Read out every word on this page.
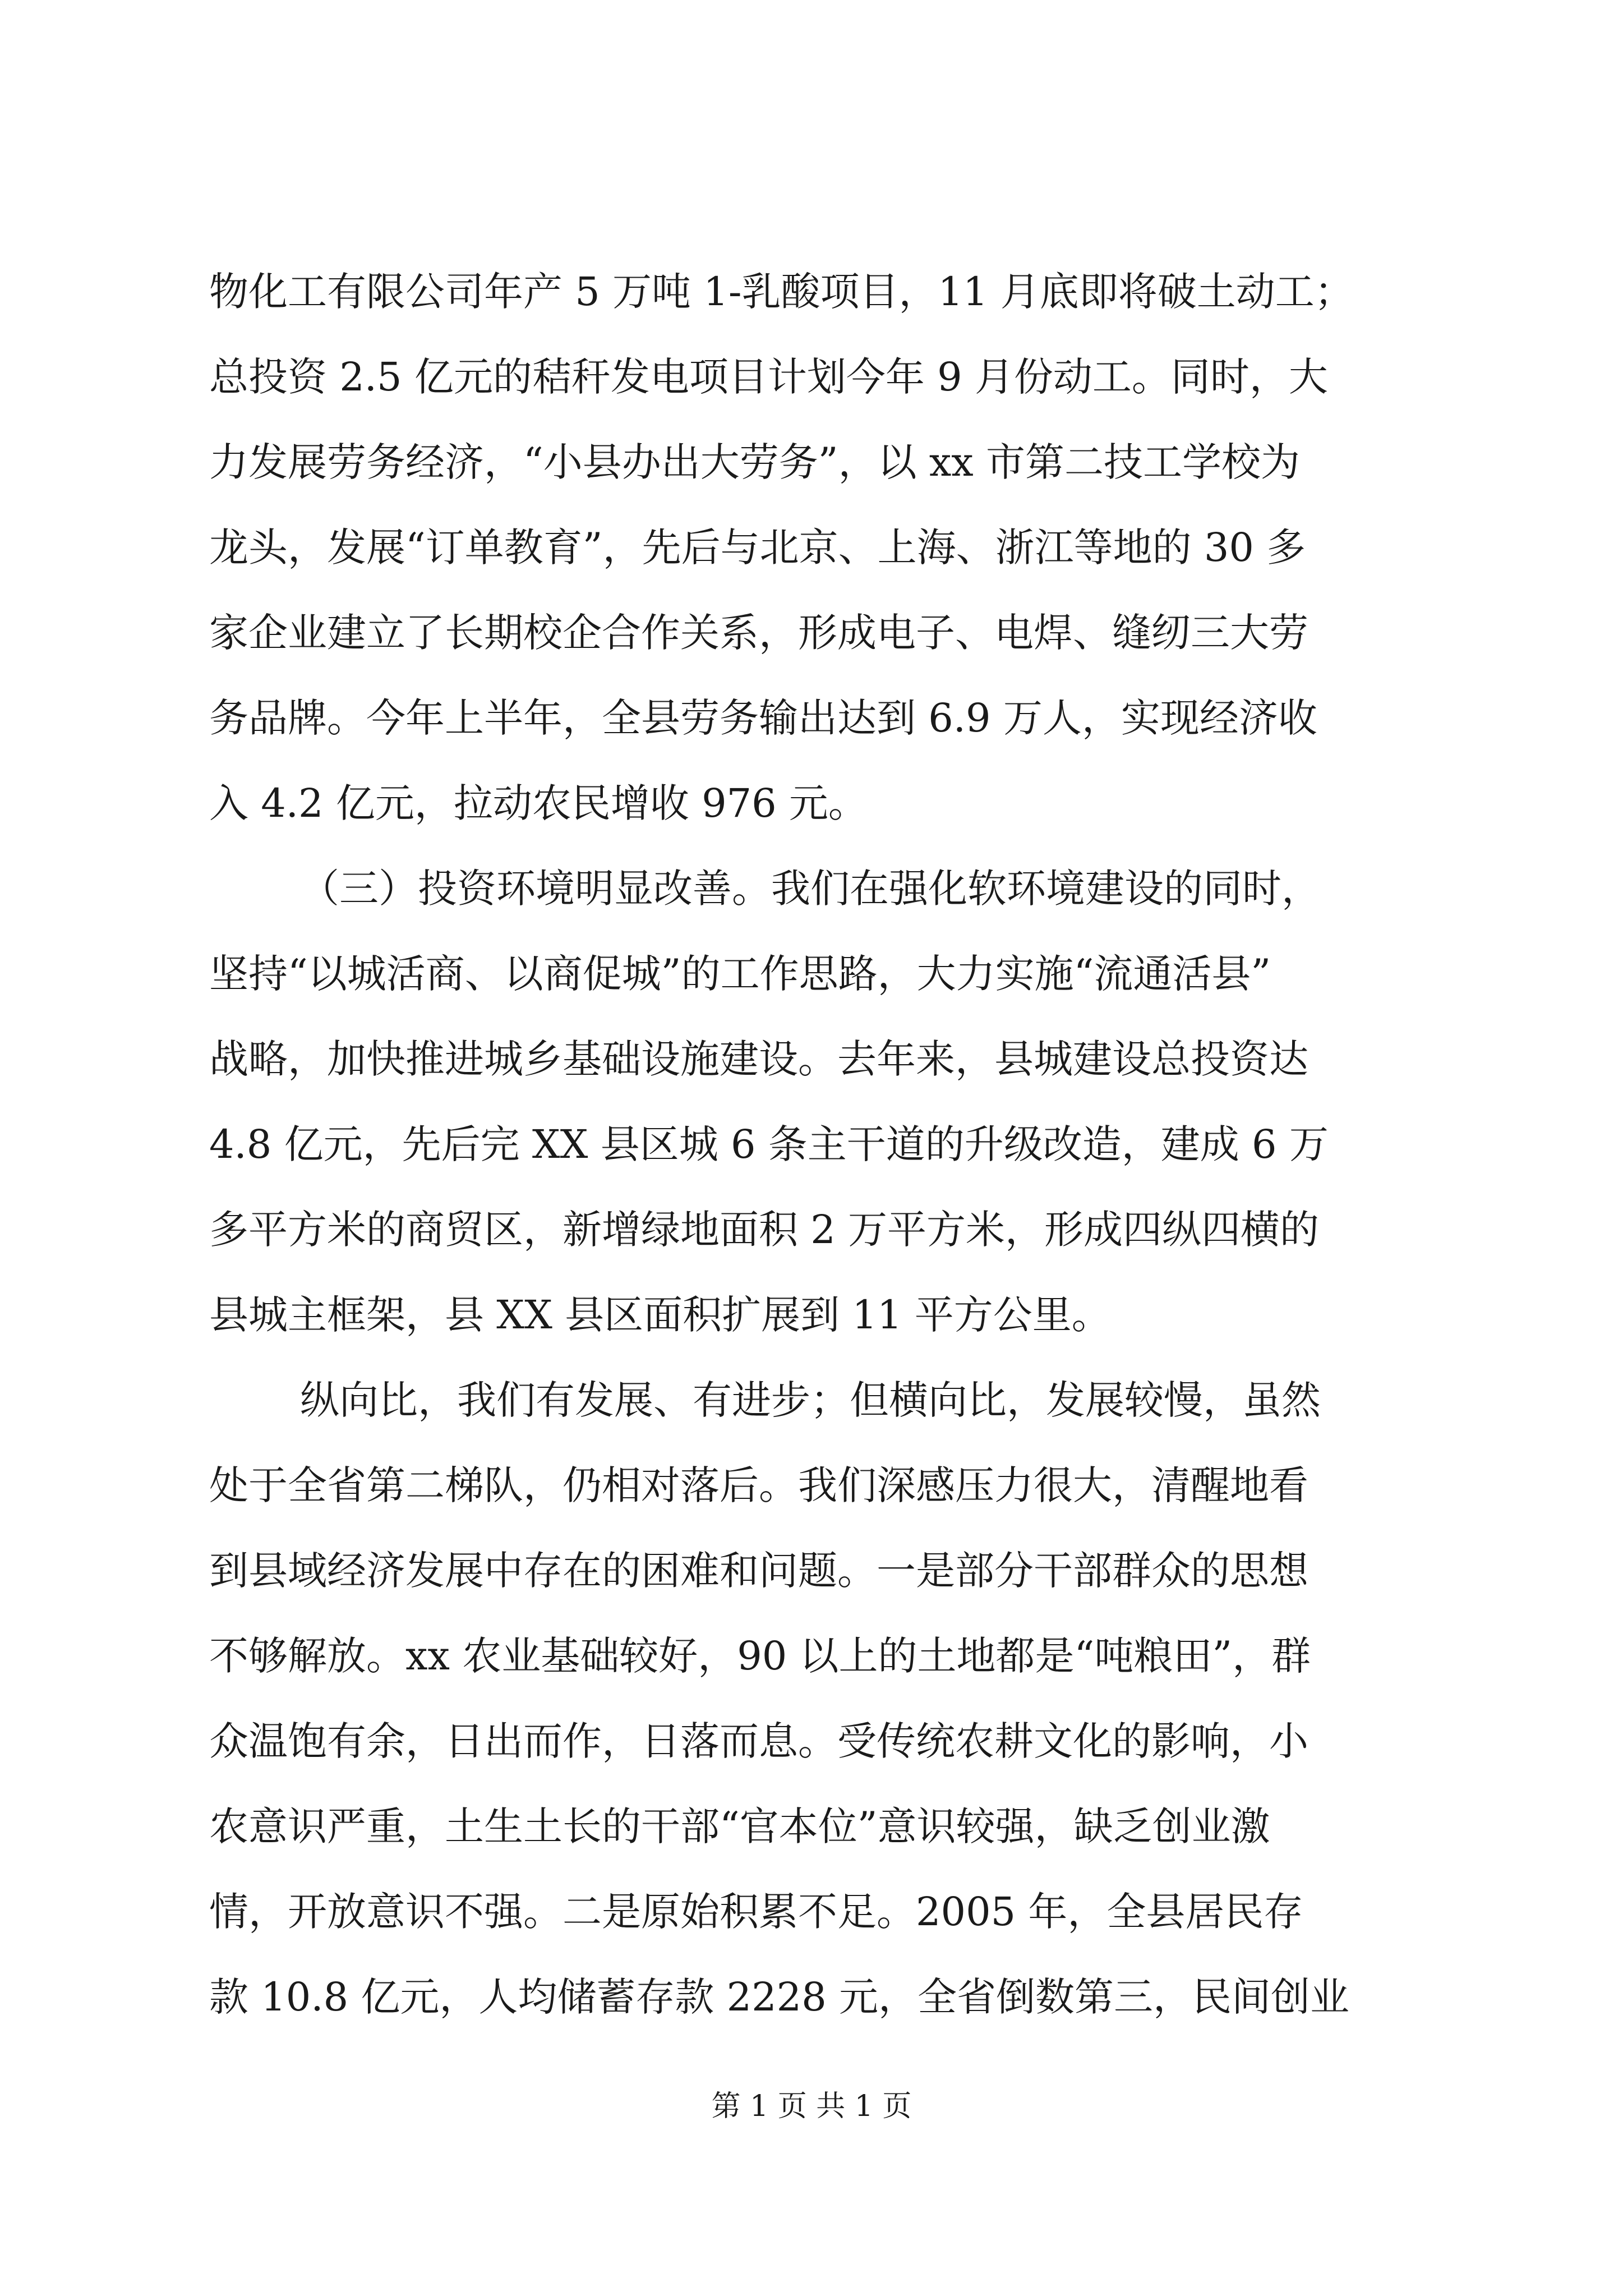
物化工有限公司年产 5 万吨 1-乳酸项目，11 月底即将破土动工；
总投资 2.5 亿元的秸秆发电项目计划今年 9 月份动工。同时，大
力发展劳务经济，“小县办出大劳务”，以 xx 市第二技工学校为
龙头，发展“订单教育”，先后与北京、上海、浙江等地的 30 多
家企业建立了长期校企合作关系，形成电子、电焊、缝纫三大劳
务品牌。今年上半年，全县劳务输出达到 6.9 万人，实现经济收
入 4.2 亿元，拉动农民增收 976 元。
（三）投资环境明显改善。我们在强化软环境建设的同时，
坚持“以城活商、以商促城”的工作思路，大力实施“流通活县”
战略，加快推进城乡基础设施建设。去年来，县城建设总投资达
4.8 亿元，先后完 XX 县区城 6 条主干道的升级改造，建成 6 万
多平方米的商贸区，新增绿地面积 2 万平方米，形成四纵四横的
县城主框架，县 XX 县区面积扩展到 11 平方公里。
纵向比，我们有发展、有进步；但横向比，发展较慢，虽然
处于全省第二梯队，仍相对落后。我们深感压力很大，清醒地看
到县域经济发展中存在的困难和问题。一是部分干部群众的思想
不够解放。xx 农业基础较好，90 以上的土地都是“吨粮田”，群
众温饱有余，日出而作，日落而息。受传统农耕文化的影响，小
农意识严重，土生土长的干部“官本位”意识较强，缺乏创业激
情，开放意识不强。二是原始积累不足。2005 年，全县居民存
款 10.8 亿元，人均储蓄存款 2228 元，全省倒数第三，民间创业
第 1 页 共 1 页
